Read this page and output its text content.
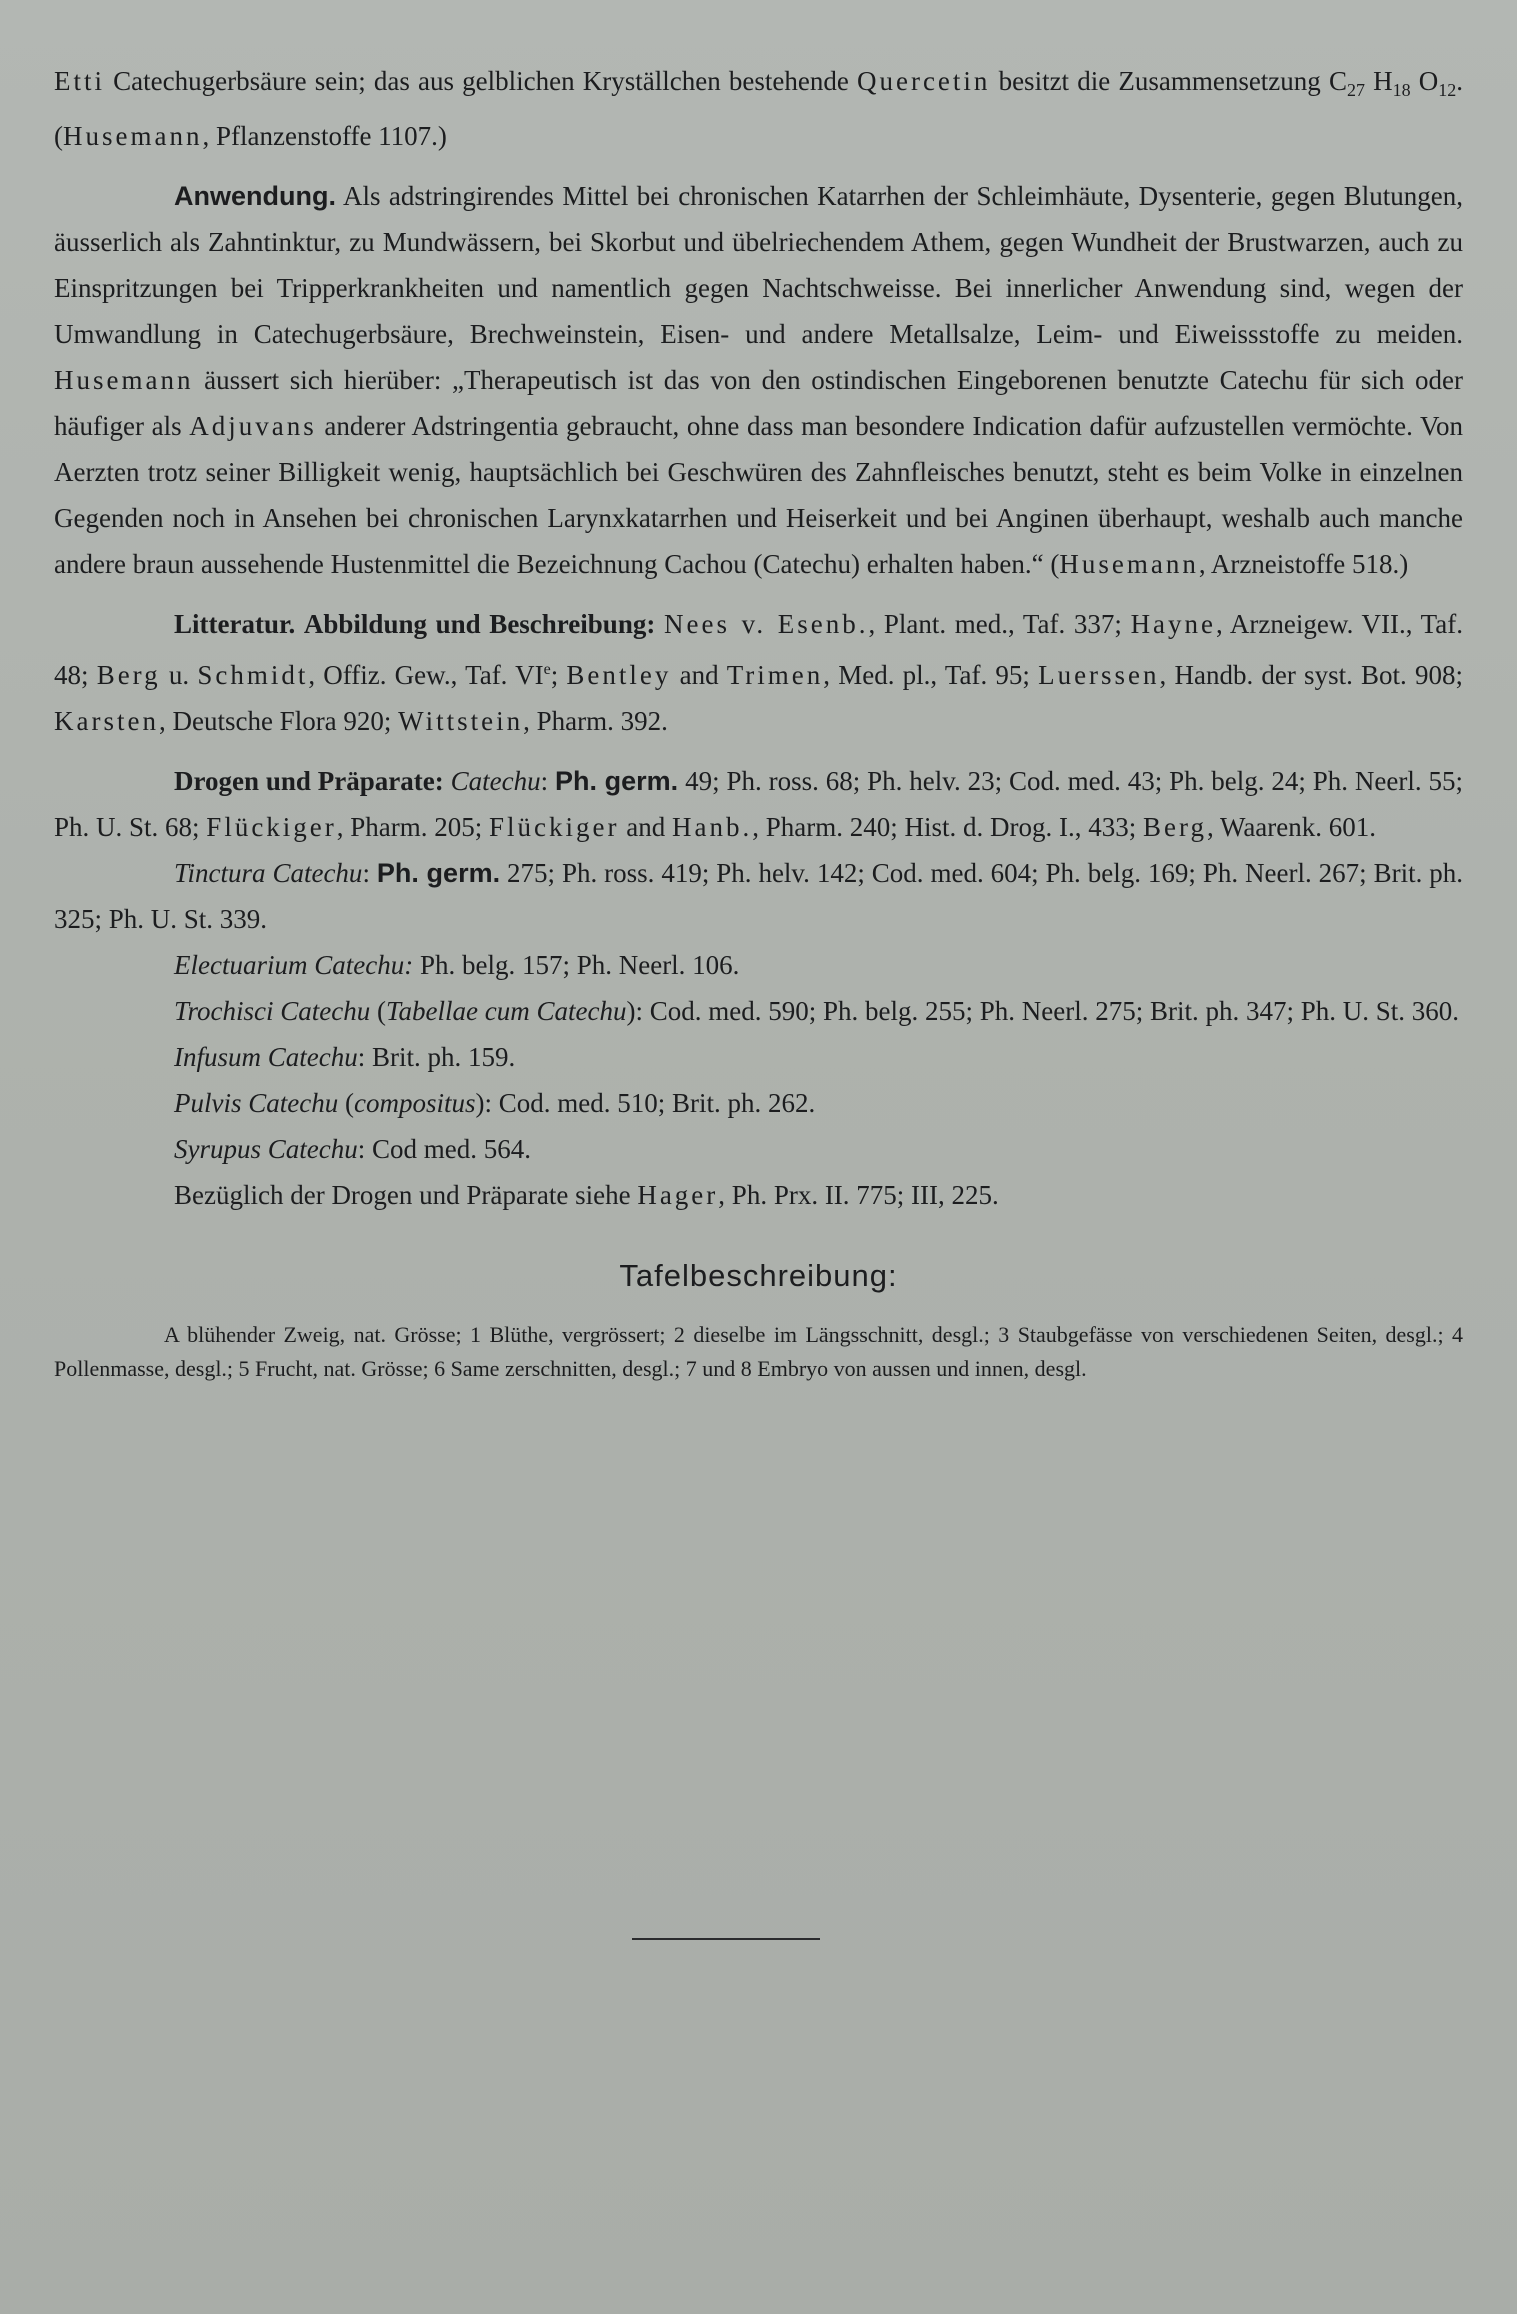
Etti Catechugerbsäure sein; das aus gelblichen Kryställchen bestehende Quercetin besitzt die Zusammensetzung $C_{27}$ $H_{18}$ $O_{12}$. (Husemann, Pflanzenstoffe 1107.)

Anwendung. Als adstringirendes Mittel bei chronischen Katarrhen der Schleimhäute, Dysenterie, gegen Blutungen, äusserlich als Zahntinktur, zu Mundwässern, bei Skorbut und übelriechendem Athem, gegen Wundheit der Brustwarzen, auch zu Einspritzungen bei Tripperkrankheiten und namentlich gegen Nachtschweisse. Bei innerlicher Anwendung sind, wegen der Umwandlung in Catechugerbsäure, Brechweinstein, Eisen- und andere Metallsalze, Leim- und Eiweissstoffe zu meiden. Husemann äussert sich hierüber: „Therapeutisch ist das von den ostindischen Eingeborenen benutzte Catechu für sich oder häufiger als Adjuvans anderer Adstringentia gebraucht, ohne dass man besondere Indication dafür aufzustellen vermöchte. Von Aerzten trotz seiner Billigkeit wenig, hauptsächlich bei Geschwüren des Zahnfleisches benutzt, steht es beim Volke in einzelnen Gegenden noch in Ansehen bei chronischen Larynxkatarrhen und Heiserkeit und bei Anginen überhaupt, weshalb auch manche andere braun aussehende Hustenmittel die Bezeichnung Cachou (Catechu) erhalten haben.“ (Husemann, Arzneistoffe 518.)

Litteratur. Abbildung und Beschreibung: Nees v. Esenb., Plant. med., Taf. 337; Hayne, Arzneigew. VII., Taf. 48; Berg u. Schmidt, Offiz. Gew., Taf. VIe; Bentley and Trimen, Med. pl., Taf. 95; Luerssen, Handb. der syst. Bot. 908; Karsten, Deutsche Flora 920; Wittstein, Pharm. 392.

Drogen und Präparate: Catechu: Ph. germ. 49; Ph. ross. 68; Ph. helv. 23; Cod. med. 43; Ph. belg. 24; Ph. Neerl. 55; Ph. U. St. 68; Flückiger, Pharm. 205; Flückiger and Hanb., Pharm. 240; Hist. d. Drog. I., 433; Berg, Waarenk. 601.

Tinctura Catechu: Ph. germ. 275; Ph. ross. 419; Ph. helv. 142; Cod. med. 604; Ph. belg. 169; Ph. Neerl. 267; Brit. ph. 325; Ph. U. St. 339.

Electuarium Catechu: Ph. belg. 157; Ph. Neerl. 106.

Trochisci Catechu (Tabellae cum Catechu): Cod. med. 590; Ph. belg. 255; Ph. Neerl. 275; Brit. ph. 347; Ph. U. St. 360.

Infusum Catechu: Brit. ph. 159.

Pulvis Catechu (compositus): Cod. med. 510; Brit. ph. 262.

Syrupus Catechu: Cod med. 564.

Bezüglich der Drogen und Präparate siehe Hager, Ph. Prx. II. 775; III, 225.

Tafelbeschreibung:

A blühender Zweig, nat. Grösse; 1 Blüthe, vergrössert; 2 dieselbe im Längsschnitt, desgl.; 3 Staubgefässe von verschiedenen Seiten, desgl.; 4 Pollenmasse, desgl.; 5 Frucht, nat. Grösse; 6 Same zerschnitten, desgl.; 7 und 8 Embryo von aussen und innen, desgl.
